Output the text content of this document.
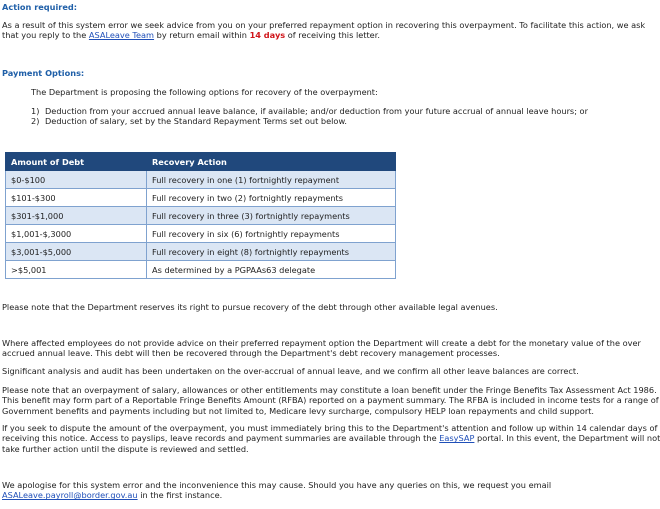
Action required:

As a result of this system error we seek advice from you on your preferred repayment option in recovering this overpayment. To facilitate this action, we ask

that you reply to the ASALeave Team by return email within 14 days of receiving this letter.

Payment Options:
The Department is proposing the following options for recovery of the overpayment:
1) Deduction from your accrued annual leave balance, if available; and/or deduction from your future accrual of annual leave hours; or
2) Deduction of salary, set by the Standard Repayment Terms set out below.
Amount of Debt	Recovery Action
$0-$100	Full recovery in one (1) fortnightly repayment
$101-$300	Full recovery in two (2) fortnightly repayments
$301-$1,000	Full recovery in three (3) fortnightly repayments
$1,001-$,3000	Full recovery in six (6) fortnightly repayments
$3,001-$5,000	Full recovery in eight (8) fortnightly repayments
>$5,001	As determined by a PGPAAs63 delegate
Please note that the Department reserves its right to pursue recovery of the debt through other available legal avenues.

Where affected employees do not provide advice on their preferred repayment option the Department will create a debt for the monetary value of the over

accrued annual leave. This debt will then be recovered through the Department's debt recovery management processes.

Significant analysis and audit has been undertaken on the over-accrual of annual leave, and we confirm all other leave balances are correct.

Please note that an overpayment of salary, allowances or other entitlements may constitute a loan benefit under the Fringe Benefits Tax Assessment Act 1986.

This benefit may form part of a Reportable Fringe Benefits Amount (RFBA) reported on a payment summary. The RFBA is included in income tests for a range of

Government benefits and payments including but not limited to, Medicare levy surcharge, compulsory HELP loan repayments and child support.

If you seek to dispute the amount of the overpayment, you must immediately bring this to the Department's attention and follow up within 14 calendar days of

receiving this notice. Access to payslips, leave records and payment summaries are available through the EasySAP portal. In this event, the Department will not

take further action until the dispute is reviewed and settled.

We apologise for this system error and the inconvenience this may cause. Should you have any queries on this, we request you email

ASALeave.payroll@border.gov.au in the first instance.
